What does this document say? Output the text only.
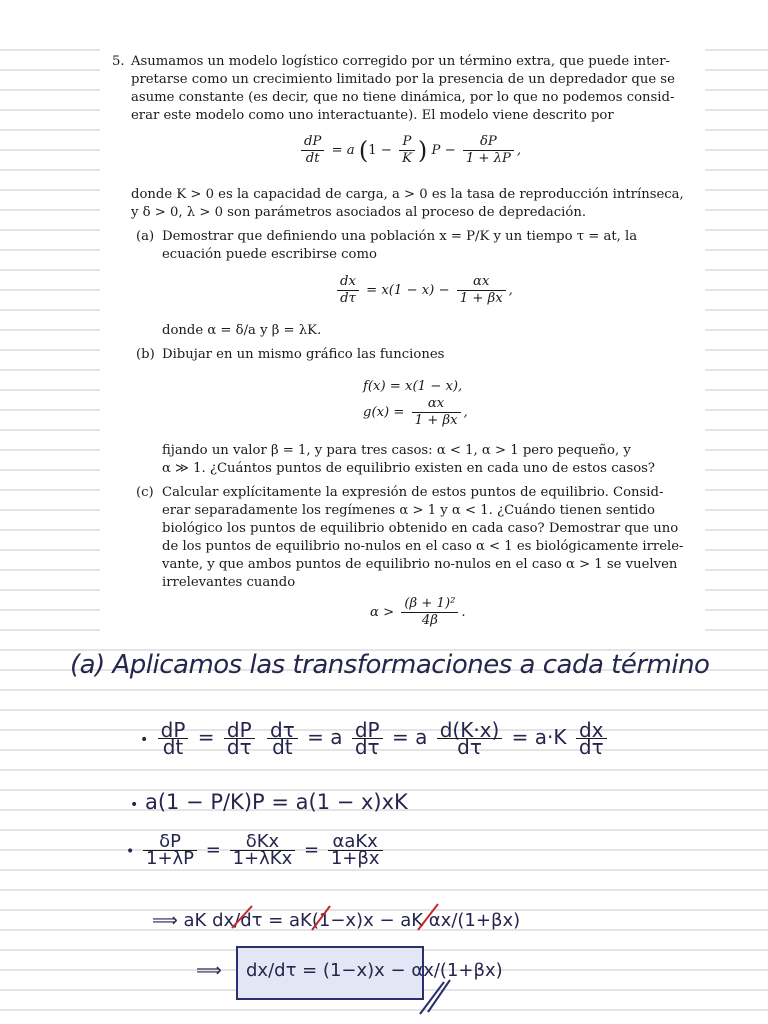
5. Asumamos un modelo logístico corregido por un término extra, que puede inter-
pretarse como un crecimiento limitado por la presencia de un depredador que se
asume constante (es decir, que no tiene dinámica, por lo que no podemos consid-
erar este modelo como uno interactuante). El modelo viene descrito por
$\frac{dP}{dt} = a$ ($1 - \frac{P}{K}$ ) $P - \frac{\delta P}{1 + \lambda P}$ ,
donde K > 0 es la capacidad de carga, a > 0 es la tasa de reproducción intrínseca,
y δ > 0, λ > 0 son parámetros asociados al proceso de depredación.
(a) Demostrar que definiendo una población x = P/K y un tiempo τ = at, la
ecuación puede escribirse como
$\frac{dx}{d\tau} = x(1 - x) - \frac{\alpha x}{1 + \beta x}$ ,
donde α = δ/a y β = λK.
(b) Dibujar en un mismo gráfico las funciones
f(x) = x(1 − x),
$g(x) = \frac{\alpha x}{1 + \beta x}$ ,
fijando un valor β = 1, y para tres casos: α < 1, α > 1 pero pequeño, y
α ≫ 1. ¿Cuántos puntos de equilibrio existen en cada uno de estos casos?
(c) Calcular explícitamente la expresión de estos puntos de equilibrio. Consid-
erar separadamente los regímenes α > 1 y α < 1. ¿Cuándo tienen sentido
biológico los puntos de equilibrio obtenido en cada caso? Demostrar que uno
de los puntos de equilibrio no-nulos en el caso α < 1 es biológicamente irrele-
vante, y que ambos puntos de equilibrio no-nulos en el caso α > 1 se vuelven
irrelevantes cuando
$\alpha > \frac{\text{(β + 1)²}}{4\beta}$ .
(a) Aplicamos las transformaciones a cada término
• $\frac{dP}{dt} = \frac{dP}{d\tau}$
$\frac{d\tau}{dt} = a \frac{dP}{d\tau} = a \frac{d(K\cdot x)}{d\tau} = a\cdot K \frac{dx}{d\tau}$
• a(1 − P/K)P = a(1 − x)xK
• $\frac{\delta P}{1+\lambda P} = \frac{\text{δKx}}{\text{1+λKx}} = \frac{\text{αaKx}}{1+\beta x}$
⟹ aK dx/dτ = aK(1−x)x − aK αx/(1+βx)
⟹ dx/dτ = (1−x)x − αx/(1+βx)
